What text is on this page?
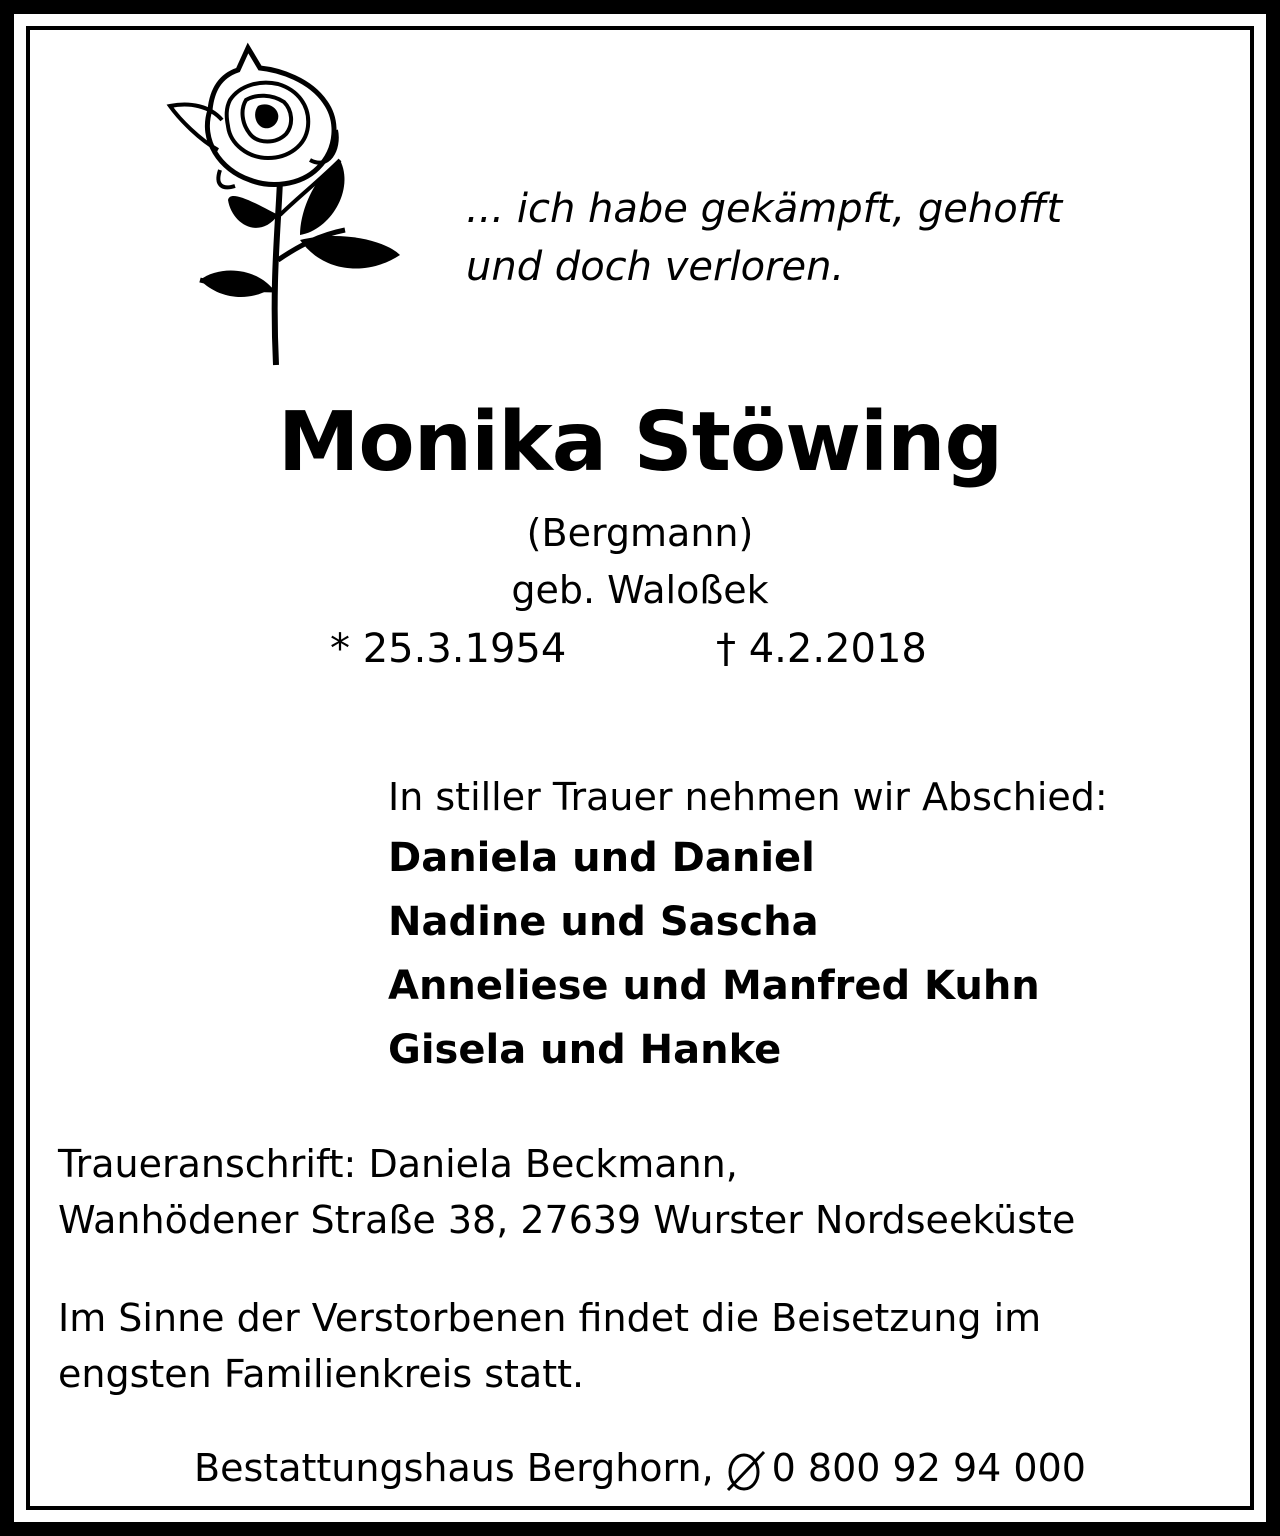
... ich habe gekämpft, gehofft
und doch verloren.
Monika Stöwing
(Bergmann)
geb. Waloßek
* 25.3.1954	† 4.2.2018
In stiller Trauer nehmen wir Abschied:
Daniela und Daniel
Nadine und Sascha
Anneliese und Manfred Kuhn
Gisela und Hanke
Traueranschrift: Daniela Beckmann,
Wanhödener Straße 38, 27639 Wurster Nordseeküste
Im Sinne der Verstorbenen findet die Beisetzung im
engsten Familienkreis statt.
Bestattungshaus Berghorn, 0 800 92 94 000
